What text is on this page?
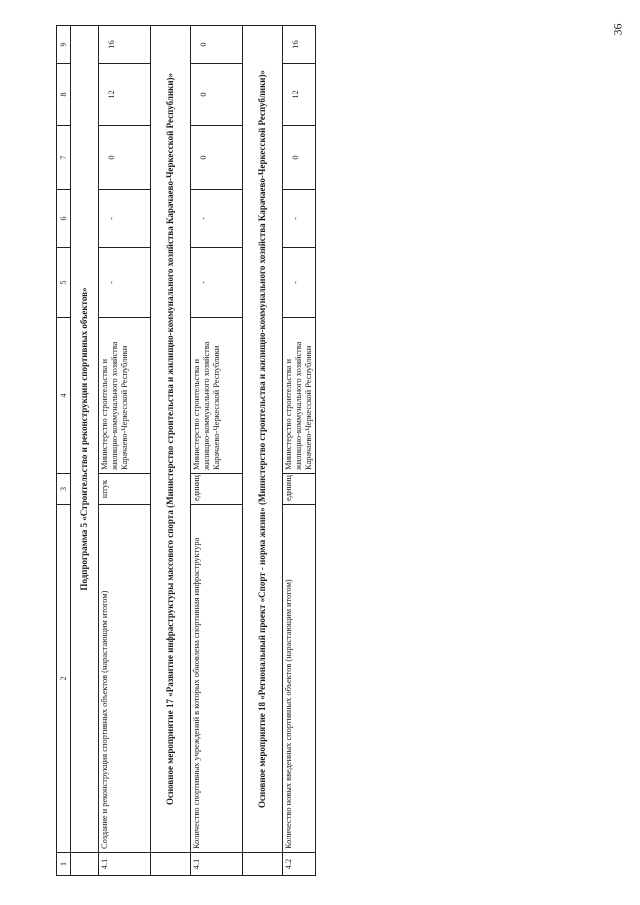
36
1	2	3	4	5	6	7	8	9
	Подпрограмма 5 «Строительство и реконструкция спортивных объектов»							
4.1	Создание и реконструкция спортивных объектов (нарастающим итогом)	штук	Министерство строительства и жилищно-коммунального хозяйства Карачаево-Черкесской Республики	-	-	0	12	16
	Основное мероприятие 17 «Развитие инфраструктуры массового спорта (Министерство строительства и жилищно-коммунального хозяйства Карачаево-Черкесской Республики)»							
4.1	Количество спортивных учреждений в которых обновлена спортивная инфраструктура	единиц	Министерство строительства и жилищно-коммунального хозяйства Карачаево-Черкесской Республики	-	-	0	0	0
	Основное мероприятие 18 «Региональный проект «Спорт - норма жизни» (Министерство строительства и жилищно-коммунального хозяйства Карачаево-Черкесской Республики)»							
4.2	Количество новых введенных спортивных объектов (нарастающим итогом)	единиц	Министерство строительства и жилищно-коммунального хозяйства Карачаево-Черкесской Республики	-	-	0	12	16
